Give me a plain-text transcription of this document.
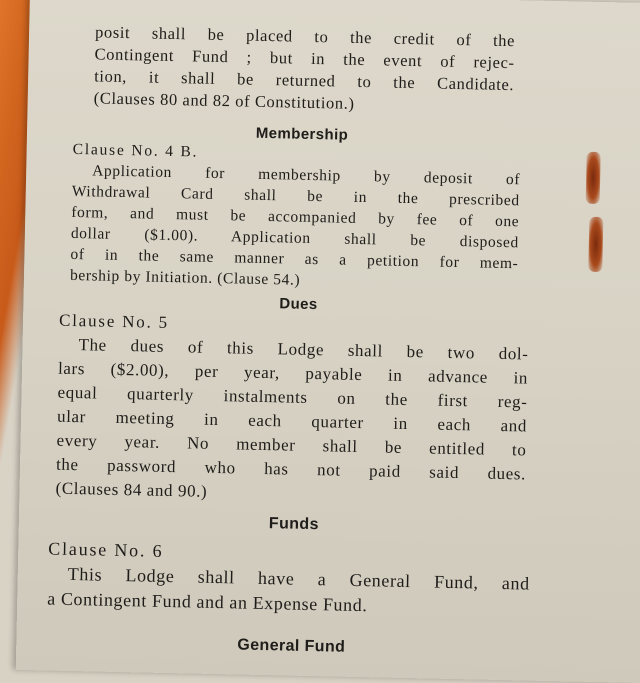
posit shall be placed to the credit of the
Contingent Fund ; but in the event of rejec-
tion, it shall be returned to the Candidate.
(Clauses 80 and 82 of Constitution.)
Membership
Clause No. 4 B.
Application for membership by deposit of
Withdrawal Card shall be in the prescribed
form, and must be accompanied by fee of one
dollar ($1.00). Application shall be disposed
of in the same manner as a petition for mem-
bership by Initiation. (Clause 54.)
Dues
Clause No. 5
The dues of this Lodge shall be two dol-
lars ($2.00), per year, payable in advance in
equal quarterly instalments on the first reg-
ular meeting in each quarter in each and
every year. No member shall be entitled to
the password who has not paid said dues.
(Clauses 84 and 90.)
Funds
Clause No. 6
This Lodge shall have a General Fund, and
a Contingent Fund and an Expense Fund.
General Fund
